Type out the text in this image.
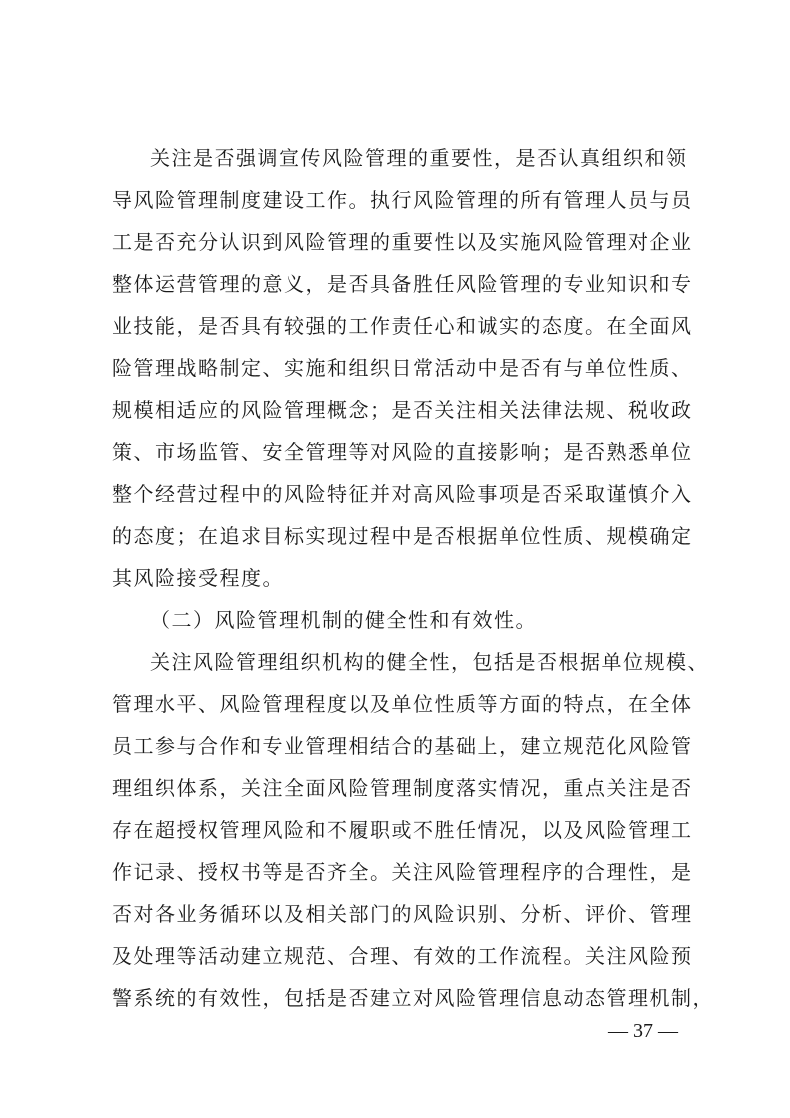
关注是否强调宣传风险管理的重要性，是否认真组织和领
导风险管理制度建设工作。执行风险管理的所有管理人员与员
工是否充分认识到风险管理的重要性以及实施风险管理对企业
整体运营管理的意义，是否具备胜任风险管理的专业知识和专
业技能，是否具有较强的工作责任心和诚实的态度。在全面风
险管理战略制定、实施和组织日常活动中是否有与单位性质、
规模相适应的风险管理概念；是否关注相关法律法规、税收政
策、市场监管、安全管理等对风险的直接影响；是否熟悉单位
整个经营过程中的风险特征并对高风险事项是否采取谨慎介入
的态度；在追求目标实现过程中是否根据单位性质、规模确定
其风险接受程度。
（二）风险管理机制的健全性和有效性。
关注风险管理组织机构的健全性，包括是否根据单位规模、
管理水平、风险管理程度以及单位性质等方面的特点，在全体
员工参与合作和专业管理相结合的基础上，建立规范化风险管
理组织体系，关注全面风险管理制度落实情况，重点关注是否
存在超授权管理风险和不履职或不胜任情况，以及风险管理工
作记录、授权书等是否齐全。关注风险管理程序的合理性，是
否对各业务循环以及相关部门的风险识别、分析、评价、管理
及处理等活动建立规范、合理、有效的工作流程。关注风险预
警系统的有效性，包括是否建立对风险管理信息动态管理机制，
— 37 —
